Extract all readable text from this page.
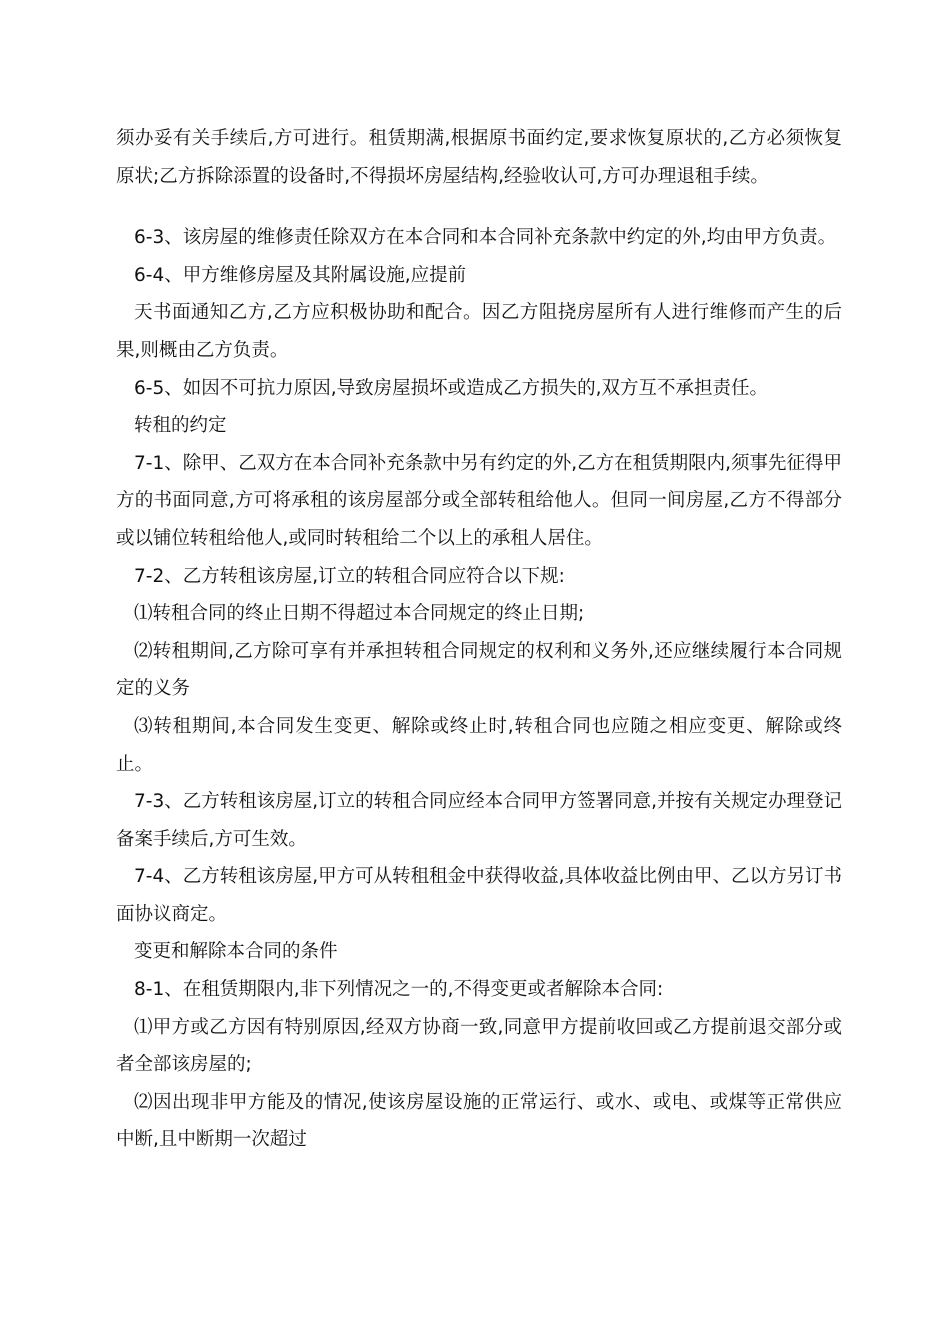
须办妥有关手续后,方可进行。租赁期满,根据原书面约定,要求恢复原状的,乙方必须恢复原状;乙方拆除添置的设备时,不得损坏房屋结构,经验收认可,方可办理退租手续。

6-3、该房屋的维修责任除双方在本合同和本合同补充条款中约定的外,均由甲方负责。

6-4、甲方维修房屋及其附属设施,应提前

天书面通知乙方,乙方应积极协助和配合。因乙方阻挠房屋所有人进行维修而产生的后果,则概由乙方负责。

6-5、如因不可抗力原因,导致房屋损坏或造成乙方损失的,双方互不承担责任。

转租的约定

7-1、除甲、乙双方在本合同补充条款中另有约定的外,乙方在租赁期限内,须事先征得甲方的书面同意,方可将承租的该房屋部分或全部转租给他人。但同一间房屋,乙方不得部分或以铺位转租给他人,或同时转租给二个以上的承租人居住。

7-2、乙方转租该房屋,订立的转租合同应符合以下规:

⑴转租合同的终止日期不得超过本合同规定的终止日期;

⑵转租期间,乙方除可享有并承担转租合同规定的权利和义务外,还应继续履行本合同规定的义务

⑶转租期间,本合同发生变更、解除或终止时,转租合同也应随之相应变更、解除或终止。

7-3、乙方转租该房屋,订立的转租合同应经本合同甲方签署同意,并按有关规定办理登记备案手续后,方可生效。

7-4、乙方转租该房屋,甲方可从转租租金中获得收益,具体收益比例由甲、乙以方另订书面协议商定。

变更和解除本合同的条件

8-1、在租赁期限内,非下列情况之一的,不得变更或者解除本合同:

⑴甲方或乙方因有特别原因,经双方协商一致,同意甲方提前收回或乙方提前退交部分或者全部该房屋的;

⑵因出现非甲方能及的情况,使该房屋设施的正常运行、或水、或电、或煤等正常供应中断,且中断期一次超过
